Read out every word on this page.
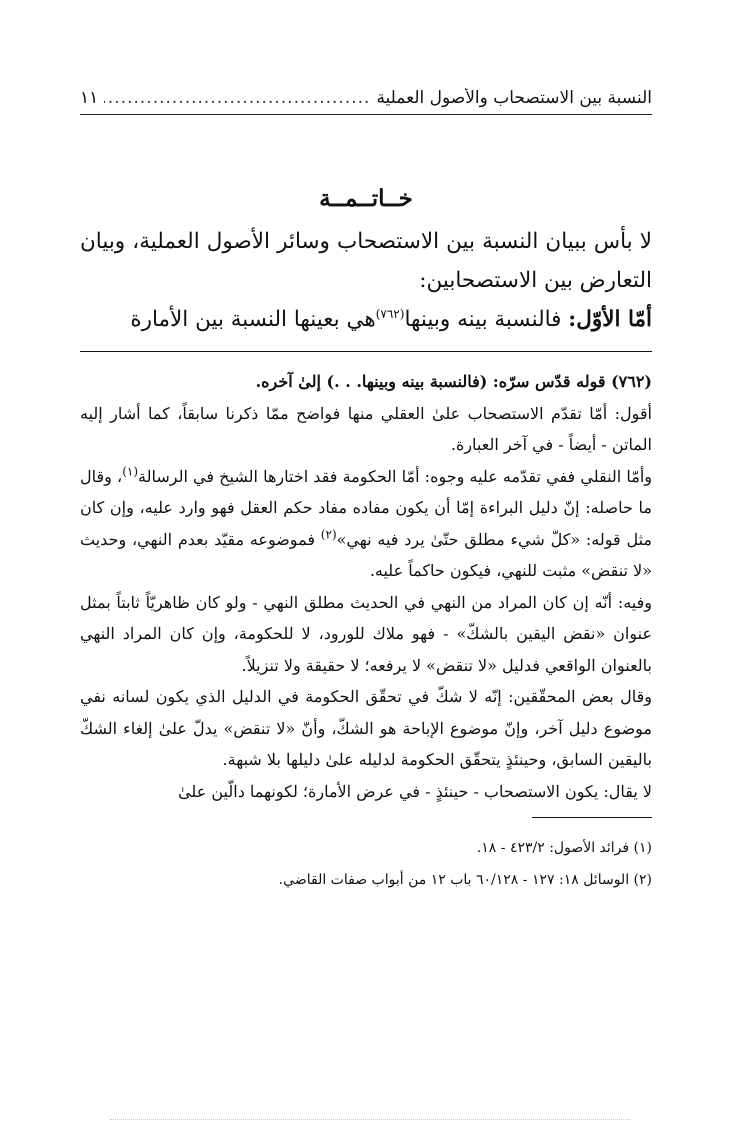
النسبة بين الاستصحاب والأصول العملية
.....
١١
خــاتــمــة

لا بأس ببيان النسبة بين الاستصحاب وسائر الأصول العملية، وبيان التعارض بين الاستصحابين:

أمّا الأوّل: فالنسبة بينه وبينها$^{(٧٦٢)}$هي بعينها النسبة بين الأمارة

(٧٦٢) قوله قدّس سرّه: (فالنسبة بينه وبينها. . .) إلىٰ آخره.

أقول: أمّا تقدّم الاستصحاب علىٰ العقلي منها فواضح ممّا ذكرنا سابقاً، كما أشار إليه الماتن - أيضاً - في آخر العبارة.

وأمّا النقلي ففي تقدّمه عليه وجوه: أمّا الحكومة فقد اختارها الشيخ في الرسالة$^{(١)}$، وقال ما حاصله: إنّ دليل البراءة إمّا أن يكون مفاده مفاد حكم العقل فهو وارد عليه، وإن كان مثل قوله: «كلّ شيء مطلق حتّىٰ يرد فيه نهي»$^{(٢)}$ فموضوعه مقيّد بعدم النهي، وحديث «لا تنقض» مثبت للنهي، فيكون حاكماً عليه.

وفيه: أنّه إن كان المراد من النهي في الحديث مطلق النهي - ولو كان ظاهريّاً ثابتاً بمثل عنوان «نقض اليقين بالشكّ» - فهو ملاك للورود، لا للحكومة، وإن كان المراد النهي بالعنوان الواقعي فدليل «لا تنقض» لا يرفعه؛ لا حقيقة ولا تنزيلاً.

وقال بعض المحقّقين: إنّه لا شكّ في تحقّق الحكومة في الدليل الذي يكون لسانه نفي موضوع دليل آخر، وإنّ موضوع الإباحة هو الشكّ، وأنّ «لا تنقض» يدلّ علىٰ إلغاء الشكّ باليقين السابق، وحينئذٍ يتحقّق الحكومة لدليله علىٰ دليلها بلا شبهة.

لا يقال: يكون الاستصحاب - حينئذٍ - في عرض الأمارة؛ لكونهما دالّين علىٰ

(١) فرائد الأصول: ٤٢٣/٢ - ١٨.

(٢) الوسائل ١٨: ١٢٧ - ٦٠/١٢٨ باب ١٢ من أبواب صفات القاضي.
